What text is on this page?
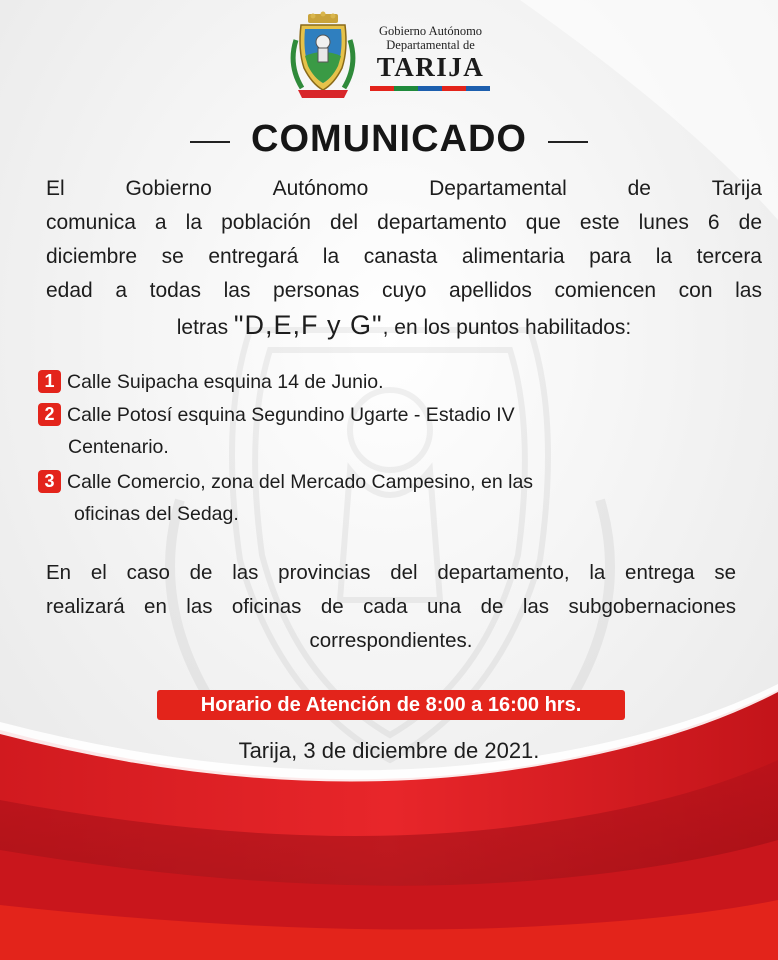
Gobierno Autónomo
Departamental de
TARIJA
COMUNICADO
El	Gobierno	Autónomo	Departamental	de	Tarija
comunica a la población del departamento que este lunes 6 de
diciembre se entregará la canasta alimentaria para la tercera
edad a todas las personas cuyo apellidos comiencen con las
letras "D,E,F y G", en los puntos habilitados:
1 Calle Suipacha esquina 14 de Junio.
2 Calle Potosí esquina Segundino Ugarte - Estadio IV
Centenario.
3 Calle Comercio, zona del Mercado Campesino, en las
oficinas del Sedag.
En el caso de las provincias del departamento, la entrega se
realizará en las oficinas de cada una de las subgobernaciones
correspondientes.
Horario de Atención de 8:00 a 16:00 hrs.
Tarija, 3 de diciembre de 2021.
